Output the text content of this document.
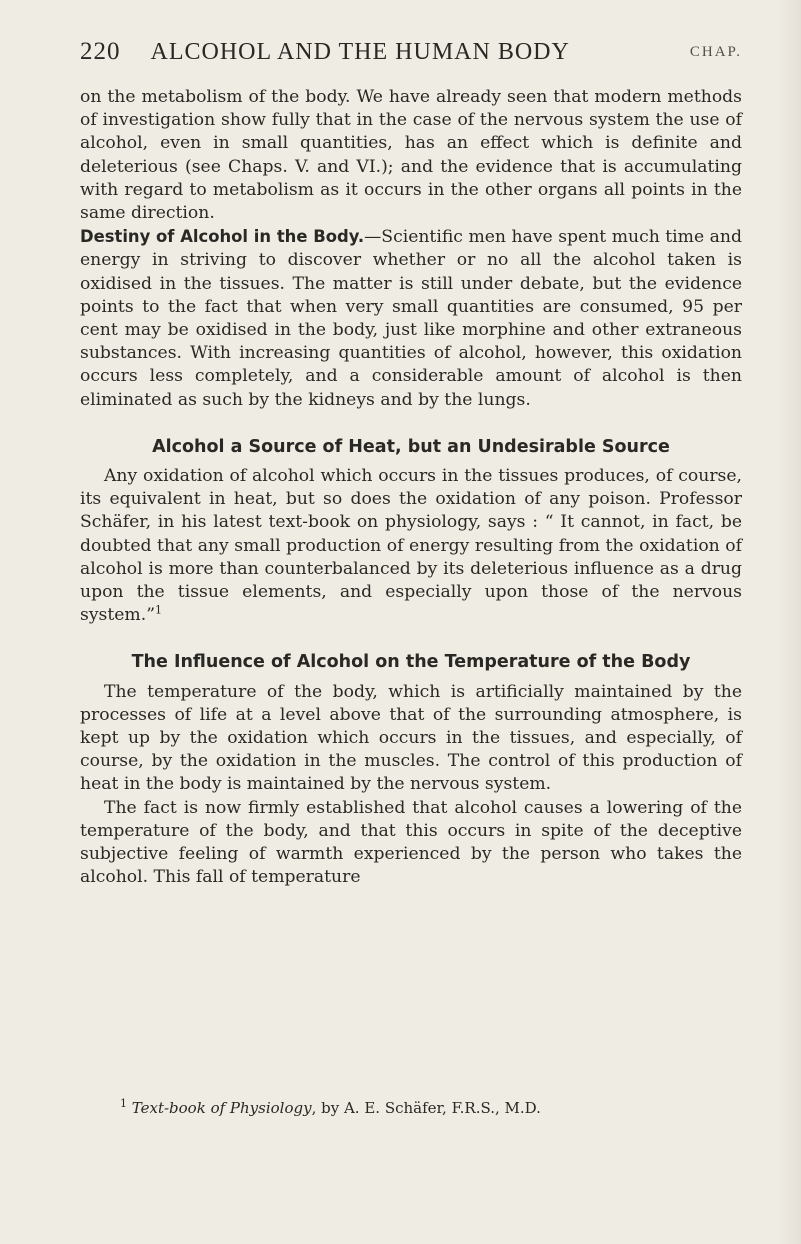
220 ALCOHOL AND THE HUMAN BODY	CHAP.

on the metabolism of the body. We have already seen that modern methods of investigation show fully that in the case of the nervous system the use of alcohol, even in small quantities, has an effect which is definite and deleterious (see Chaps. V. and VI.); and the evidence that is accumulating with regard to metabolism as it occurs in the other organs all points in the same direction.

Destiny of Alcohol in the Body.—Scientific men have spent much time and energy in striving to discover whether or no all the alcohol taken is oxidised in the tissues. The matter is still under debate, but the evidence points to the fact that when very small quantities are consumed, 95 per cent may be oxidised in the body, just like morphine and other extraneous substances. With increasing quantities of alcohol, however, this oxidation occurs less completely, and a considerable amount of alcohol is then eliminated as such by the kidneys and by the lungs.

Alcohol a Source of Heat, but an Undesirable Source

Any oxidation of alcohol which occurs in the tissues produces, of course, its equivalent in heat, but so does the oxidation of any poison. Professor Schäfer, in his latest text-book on physiology, says : “ It cannot, in fact, be doubted that any small production of energy resulting from the oxidation of alcohol is more than counterbalanced by its deleterious influence as a drug upon the tissue elements, and especially upon those of the nervous system.”$^1$

The Influence of Alcohol on the Temperature of the Body

The temperature of the body, which is artificially maintained by the processes of life at a level above that of the surrounding atmosphere, is kept up by the oxidation which occurs in the tissues, and especially, of course, by the oxidation in the muscles. The control of this production of heat in the body is maintained by the nervous system.

The fact is now firmly established that alcohol causes a lowering of the temperature of the body, and that this occurs in spite of the deceptive subjective feeling of warmth experienced by the person who takes the alcohol. This fall of temperature

$^1$ Text-book of Physiology, by A. E. Schäfer, F.R.S., M.D.
